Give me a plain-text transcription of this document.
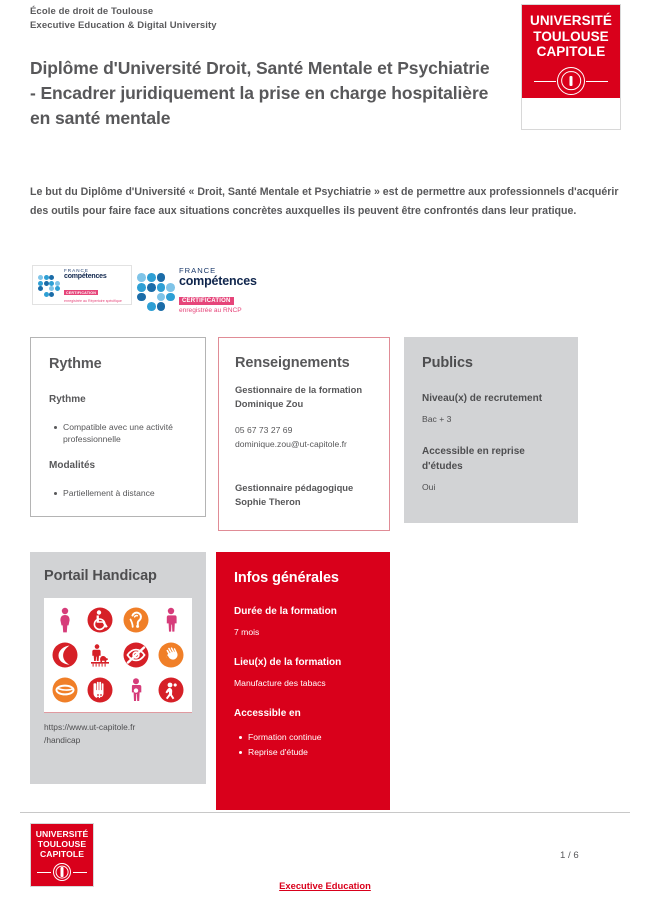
École de droit de Toulouse
Executive Education & Digital University
Diplôme d'Université Droit, Santé Mentale et Psychiatrie - Encadrer juridiquement la prise en charge hospitalière en santé mentale
UNIVERSITÉ
TOULOUSE
CAPITOLE

Le but du Diplôme d'Université « Droit, Santé Mentale et Psychiatrie » est de permettre aux professionnels d'acquérir des outils pour faire face aux situations concrètes auxquelles ils peuvent être confrontés dans leur pratique.

FRANCE
compétences
CERTIFICATION
enregistrée au Répertoire spécifique
FRANCE
compétences
CERTIFICATION
enregistrée au RNCP
Rythme
Rythme
Compatible avec une activité professionnelle
Modalités
Partiellement à distance
Renseignements
Gestionnaire de la formation
Dominique Zou
05 67 73 27 69
dominique.zou@ut-capitole.fr
Gestionnaire pédagogique
Sophie Theron
Publics
Niveau(x) de recrutement
Bac + 3
Accessible en reprise d'études
Oui
Portail Handicap
https://www.ut-capitole.fr
/handicap
Infos générales
Durée de la formation
7 mois
Lieu(x) de la formation
Manufacture des tabacs
Accessible en
Formation continue
Reprise d'étude
UNIVERSITÉ
TOULOUSE
CAPITOLE	1 / 6
Executive Education
